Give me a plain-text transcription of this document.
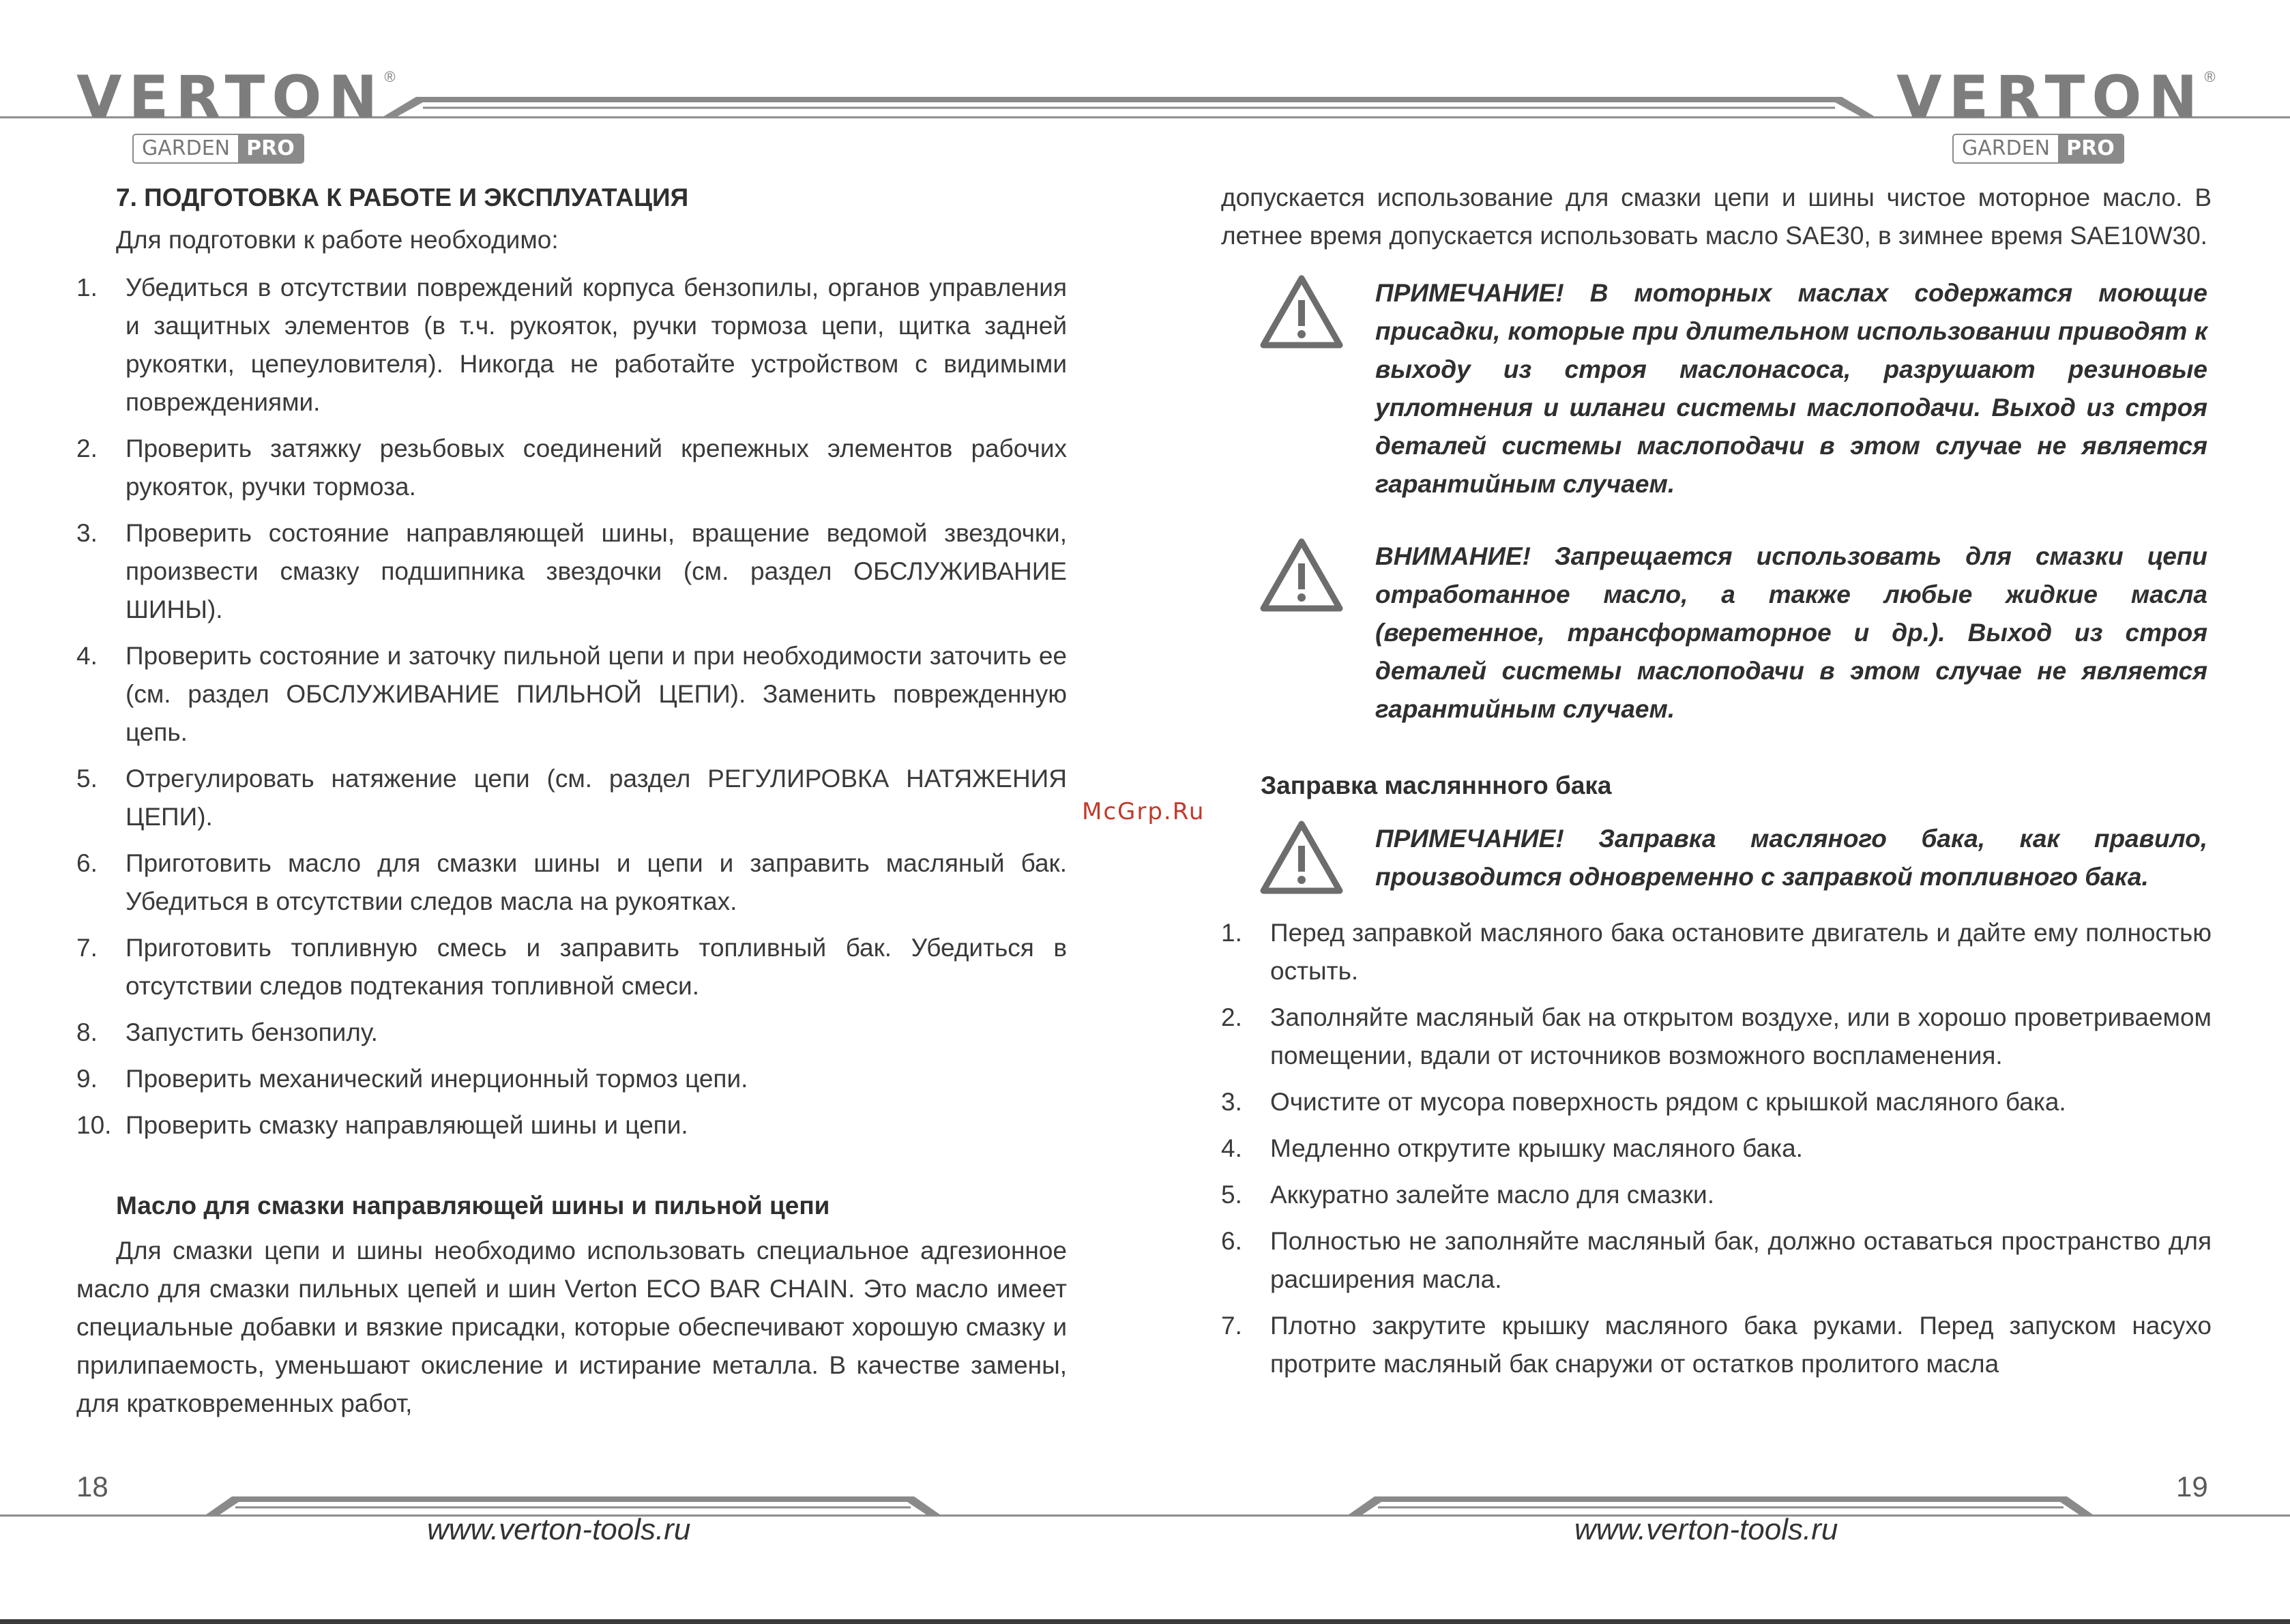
VERTON ®
GARDEN PRO
VERTON ®
GARDEN PRO
7. ПОДГОТОВКА К РАБОТЕ И ЭКСПЛУАТАЦИЯ
Для подготовки к работе необходимо:
1. Убедиться в отсутствии повреждений корпуса бензопилы, органов управления и защитных элементов (в т.ч. рукояток, ручки тормоза цепи, щитка задней рукоятки, цепеуловителя). Никогда не работайте устройством с видимыми повреждениями.
2. Проверить затяжку резьбовых соединений крепежных элементов рабочих рукояток, ручки тормоза.
3. Проверить состояние направляющей шины, вращение ведомой звездочки, произвести смазку подшипника звездочки (см. раздел ОБСЛУЖИВАНИЕ ШИНЫ).
4. Проверить состояние и заточку пильной цепи и при необходимости заточить ее (см. раздел ОБСЛУЖИВАНИЕ ПИЛЬНОЙ ЦЕПИ). Заменить поврежденную цепь.
5. Отрегулировать натяжение цепи (см. раздел РЕГУЛИРОВКА НАТЯЖЕНИЯ ЦЕПИ).
6. Приготовить масло для смазки шины и цепи и заправить масляный бак. Убедиться в отсутствии следов масла на рукоятках.
7. Приготовить топливную смесь и заправить топливный бак. Убедиться в отсутствии следов подтекания топливной смеси.
8. Запустить бензопилу.
9. Проверить механический инерционный тормоз цепи.
10. Проверить смазку направляющей шины и цепи.
Масло для смазки направляющей шины и пильной цепи
Для смазки цепи и шины необходимо использовать специальное адгезионное масло для смазки пильных цепей и шин Verton ECO BAR CHAIN. Это масло имеет специальные добавки и вязкие присадки, которые обеспечивают хорошую смазку и прилипаемость, уменьшают окисление и истирание металла. В качестве замены, для кратковременных работ,
McGrp.Ru
допускается использование для смазки цепи и шины чистое моторное масло. В летнее время допускается использовать масло SAE30, в зимнее время SAE10W30.
ПРИМЕЧАНИЕ! В моторных маслах содержатся моющие присадки, которые при длительном использовании приводят к выходу из строя маслонасоса, разрушают резиновые уплотнения и шланги системы маслоподачи. Выход из строя деталей системы маслоподачи в этом случае не является гарантийным случаем.
ВНИМАНИЕ! Запрещается использовать для смазки цепи отработанное масло, а также любые жидкие масла (веретенное, трансформаторное и др.). Выход из строя деталей системы маслоподачи в этом случае не является гарантийным случаем.
Заправка масляннного бака
ПРИМЕЧАНИЕ! Заправка масляного бака, как правило, производится одновременно с заправкой топливного бака.
1. Перед заправкой масляного бака остановите двигатель и дайте ему полностью остыть.
2. Заполняйте масляный бак на открытом воздухе, или в хорошо проветриваемом помещении, вдали от источников возможного воспламенения.
3. Очистите от мусора поверхность рядом с крышкой масляного бака.
4. Медленно открутите крышку масляного бака.
5. Аккуратно залейте масло для смазки.
6. Полностью не заполняйте масляный бак, должно оставаться пространство для расширения масла.
7. Плотно закрутите крышку масляного бака руками. Перед запуском насухо протрите масляный бак снаружи от остатков пролитого масла
18	19
www.verton-tools.ru	www.verton-tools.ru
